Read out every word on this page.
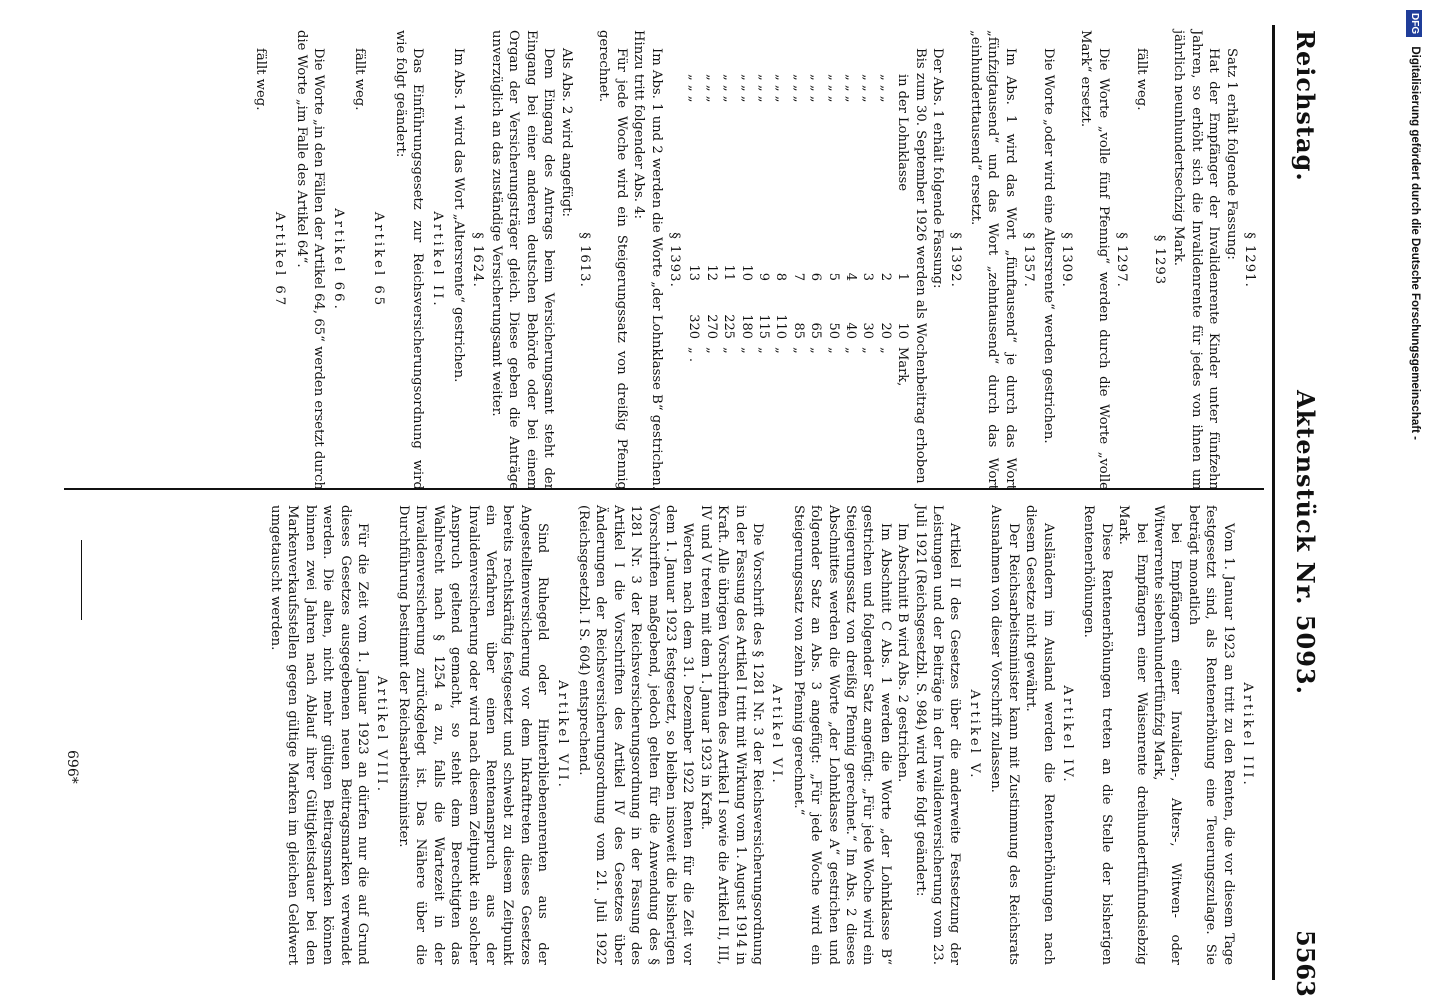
Reichstag.
Aktenstück Nr. 5093.
5563
§ 1291.
Satz 1 erhält folgende Fassung:
Hat der Empfänger der Invalidenrente Kinder unter fünfzehn Jahren, so erhöht sich die Invalidenrente für jedes von ihnen um jährlich neunhundertsechzig Mark.
§ 1293
fällt weg.
§ 1297.
Die Worte „volle fünf Pfennig“ werden durch die Worte „volle Mark“ ersetzt.
§ 1309.
Die Worte „oder wird eine Altersrente“ werden gestrichen.
§ 1357.
Im Abs. 1 wird das Wort „fünftausend“ je durch das Wort „fünfzigtausend“ und das Wort „zehntausend“ durch das Wort „einhunderttausend“ ersetzt.
§ 1392.
Der Abs. 1 erhält folgende Fassung:
Bis zum 30. September 1926 werden als Wochenbeitrag erhoben
in der Lohnklasse	1	10	Mark,
„ „ „	2	20	„
„ „ „	3	30	„
„ „ „	4	40	„
„ „ „	5	50	„
„ „ „	6	65	„
„ „ „	7	85	„
„ „ „	8	110	„
„ „ „	9	115	„
„ „ „	10	180	„
„ „ „	11	225	„
„ „ „	12	270	„
„ „ „	13	320	„ .
§ 1393.
Im Abs. 1 und 2 werden die Worte „der Lohnklasse B“ gestrichen. Hinzu tritt folgender Abs. 4:
Für jede Woche wird ein Steigerungssatz von dreißig Pfennig gerechnet.
§ 1613.
Als Abs. 2 wird angefügt:
Dem Eingang des Antrags beim Versicherungsamt steht der Eingang bei einer anderen deutschen Behörde oder bei einem Organ der Versicherungsträger gleich. Diese geben die Anträge unverzüglich an das zuständige Versicherungsamt weiter.
§ 1624.
Im Abs. 1 wird das Wort „Altersrente“ gestrichen.
Artikel II.
Das Einführungsgesetz zur Reichsversicherungsordnung wird wie folgt geändert:
Artikel 65
fällt weg.
Artikel 66.
Die Worte „in den Fällen der Artikel 64, 65“ werden ersetzt durch die Worte „im Falle des Artikel 64“.
Artikel 67
fällt weg.
Artikel III.
Vom 1. Januar 1923 an tritt zu den Renten, die vor diesem Tage festgesetzt sind, als Rentenerhöhung eine Teuerungszulage. Sie beträgt monatlich
bei Empfängern einer Invaliden-, Alters-, Witwen- oder Witwerrente siebenhundertfünfzig Mark,
bei Empfängern einer Waisenrente dreihundertfünfundsiebzig Mark.
Diese Rentenerhöhungen treten an die Stelle der bisherigen Rentenerhöhungen.
Artikel IV.
Ausländern im Ausland werden die Rentenerhöhungen nach diesem Gesetze nicht gewährt.
Der Reichsarbeitsminister kann mit Zustimmung des Reichsrats Ausnahmen von dieser Vorschrift zulassen.
Artikel V.
Artikel II des Gesetzes über die anderweite Festsetzung der Leistungen und der Beiträge in der Invalidenversicherung vom 23. Juli 1921 (Reichsgesetzbl. S. 984) wird wie folgt geändert:
Im Abschnitt B wird Abs. 2 gestrichen.
Im Abschnitt C Abs. 1 werden die Worte „der Lohnklasse B“ gestrichen und folgender Satz angefügt: „Für jede Woche wird ein Steigerungssatz von dreißig Pfennig gerechnet.“ Im Abs. 2 dieses Abschnittes werden die Worte „der Lohnklasse A“ gestrichen und folgender Satz an Abs. 3 angefügt: „Für jede Woche wird ein Steigerungssatz von zehn Pfennig gerechnet.“
Artikel VI.
Die Vorschrift des § 1281 Nr. 3 der Reichsversicherungsordnung in der Fassung des Artikel I tritt mit Wirkung vom 1. August 1914 in Kraft. Alle übrigen Vorschriften des Artikel I sowie die Artikel II, III, IV und V treten mit dem 1. Januar 1923 in Kraft.
Werden nach dem 31. Dezember 1922 Renten für die Zeit vor dem 1. Januar 1923 festgesetzt, so bleiben insoweit die bisherigen Vorschriften maßgebend, jedoch gelten für die Anwendung des § 1281 Nr. 3 der Reichsversicherungsordnung in der Fassung des Artikel I die Vorschriften des Artikel IV des Gesetzes über Änderungen der Reichsversicherungsordnung vom 21. Juli 1922 (Reichsgesetzbl. I S. 604) entsprechend.
Artikel VII.
Sind Ruhegeld oder Hinterbliebenenrenten aus der Angestelltenversicherung vor dem Inkrafttreten dieses Gesetzes bereits rechtskräftig festgesetzt und schwebt zu diesem Zeitpunkt ein Verfahren über einen Rentenanspruch aus der Invalidenversicherung oder wird nach diesem Zeitpunkt ein solcher Anspruch geltend gemacht, so steht dem Berechtigten das Wahlrecht nach § 1254 a zu, falls die Wartezeit in der Invalidenversicherung zurückgelegt ist. Das Nähere über die Durchführung bestimmt der Reichsarbeitsminister.
Artikel VIII.
Für die Zeit vom 1. Januar 1923 an dürfen nur die auf Grund dieses Gesetzes ausgegebenen neuen Beitragsmarken verwendet werden. Die alten, nicht mehr gültigen Beitragsmarken können binnen zwei Jahren nach Ablauf ihrer Gültigkeitsdauer bei den Markenverkaufsstellen gegen gültige Marken im gleichen Geldwert umgetauscht werden.
696*
DFG Digitalisierung gefördert durch die Deutsche Forschungsgemeinschaft -
